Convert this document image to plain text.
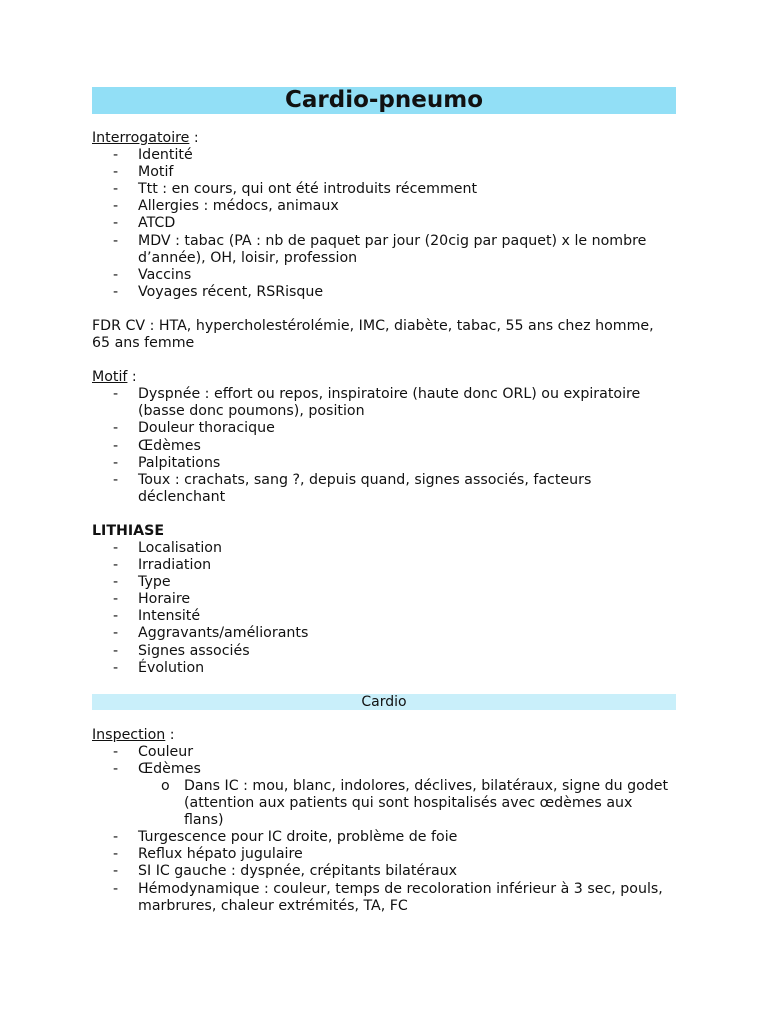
Cardio-pneumo

Interrogatoire :

- Identité
- Motif
- Ttt : en cours, qui ont été introduits récemment
- Allergies : médocs, animaux
- ATCD
- MDV : tabac (PA : nb de paquet par jour (20cig par paquet) x le nombre d’année), OH, loisir, profession
- Vaccins
- Voyages récent, RSRisque

FDR CV : HTA, hypercholestérolémie, IMC, diabète, tabac, 55 ans chez homme, 65 ans femme

Motif :

- Dyspnée : effort ou repos, inspiratoire (haute donc ORL) ou expiratoire (basse donc poumons), position
- Douleur thoracique
- Œdèmes
- Palpitations
- Toux : crachats, sang ?, depuis quand, signes associés, facteurs déclenchant

LITHIASE

- Localisation
- Irradiation
- Type
- Horaire
- Intensité
- Aggravants/améliorants
- Signes associés
- Évolution
Cardio

Inspection :

- Couleur
- Œdèmes
o Dans IC : mou, blanc, indolores, déclives, bilatéraux, signe du godet (attention aux patients qui sont hospitalisés avec œdèmes aux flans)
- Turgescence pour IC droite, problème de foie
- Reflux hépato jugulaire
- SI IC gauche : dyspnée, crépitants bilatéraux
- Hémodynamique : couleur, temps de recoloration inférieur à 3 sec, pouls, marbrures, chaleur extrémités, TA, FC
